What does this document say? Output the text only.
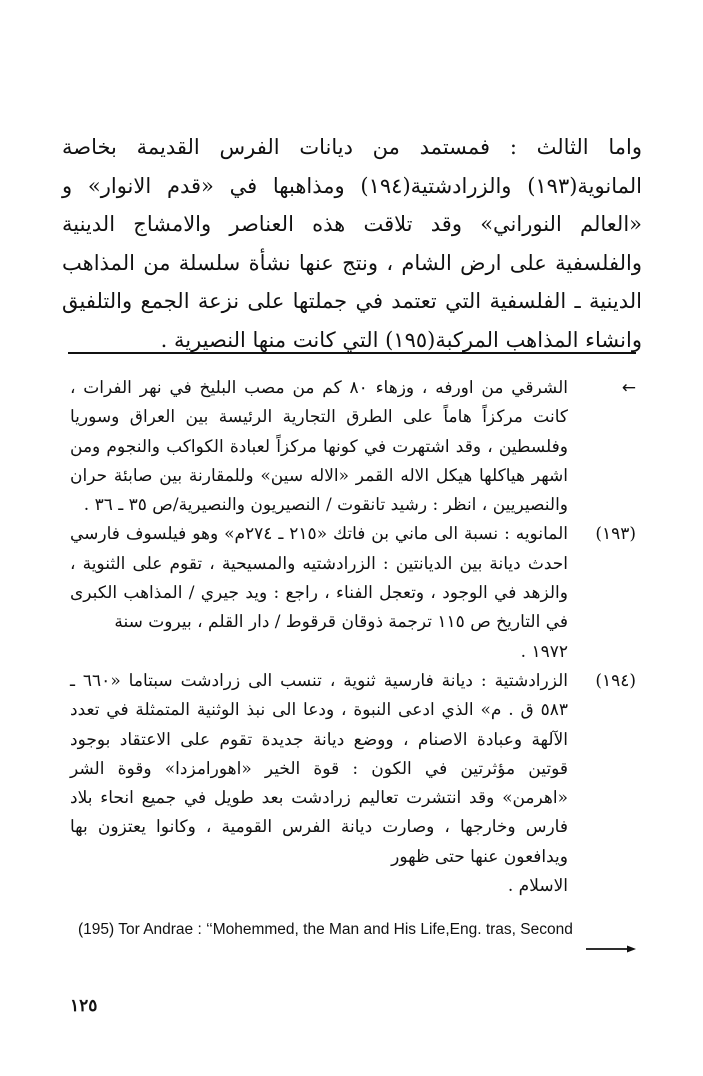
واما الثالث : فمستمد من ديانات الفرس القديمة بخاصة المانوية(١٩٣) والزرادشتية(١٩٤) ومذاهبها في «قدم الانوار» و «العالم النوراني» وقد تلاقت هذه العناصر والامشاج الدينية والفلسفية على ارض الشام ، ونتج عنها نشأة سلسلة من المذاهب الدينية ـ الفلسفية التي تعتمد في جملتها على نزعة الجمع والتلفيق وانشاء المذاهب المركبة(١٩٥) التي كانت منها النصيرية .

←
الشرقي من اورفه ، وزهاء ٨٠ كم من مصب البليخ في نهر الفرات ، كانت مركزاً هاماً على الطرق التجارية الرئيسة بين العراق وسوريا وفلسطين ، وقد اشتهرت في كونها مركزاً لعبادة الكواكب والنجوم ومن اشهر هياكلها هيكل الاله القمر «الاله سين» وللمقارنة بين صابئة حران والنصيريين ، انظر : رشيد تانقوت / النصيريون والنصيرية/ص ٣٥ ـ ٣٦ .
(١٩٣)
المانويه : نسبة الى ماني بن فاتك «٢١٥ ـ ٢٧٤م» وهو فيلسوف فارسي احدث ديانة بين الديانتين : الزرادشتيه والمسيحية ، تقوم على الثنوية ، والزهد في الوجود ، وتعجل الفناء ، راجع : ويد جيري / المذاهب الكبرى في التاريخ ص ١١٥ ترجمة ذوقان قرقوط / دار القلم ، بيروت سنة
١٩٧٢ .
(١٩٤)
الزرادشتية : ديانة فارسية ثنوية ، تنسب الى زرادشت سبتاما «٦٦٠ ـ ٥٨٣ ق . م» الذي ادعى النبوة ، ودعا الى نبذ الوثنية المتمثلة في تعدد الآلهة وعبادة الاصنام ، ووضع ديانة جديدة تقوم على الاعتقاد بوجود قوتين مؤثرتين في الكون : قوة الخير «اهورامزدا» وقوة الشر «اهرمن» وقد انتشرت تعاليم زرادشت بعد طويل في جميع انحاء بلاد فارس وخارجها ، وصارت ديانة الفرس القومية ، وكانوا يعتزون بها ويدافعون عنها حتى ظهور
الاسلام .
(195) Tor Andrae : ‘‘Mohemmed, the Man and His Life,Eng. tras, Second
١٢٥
